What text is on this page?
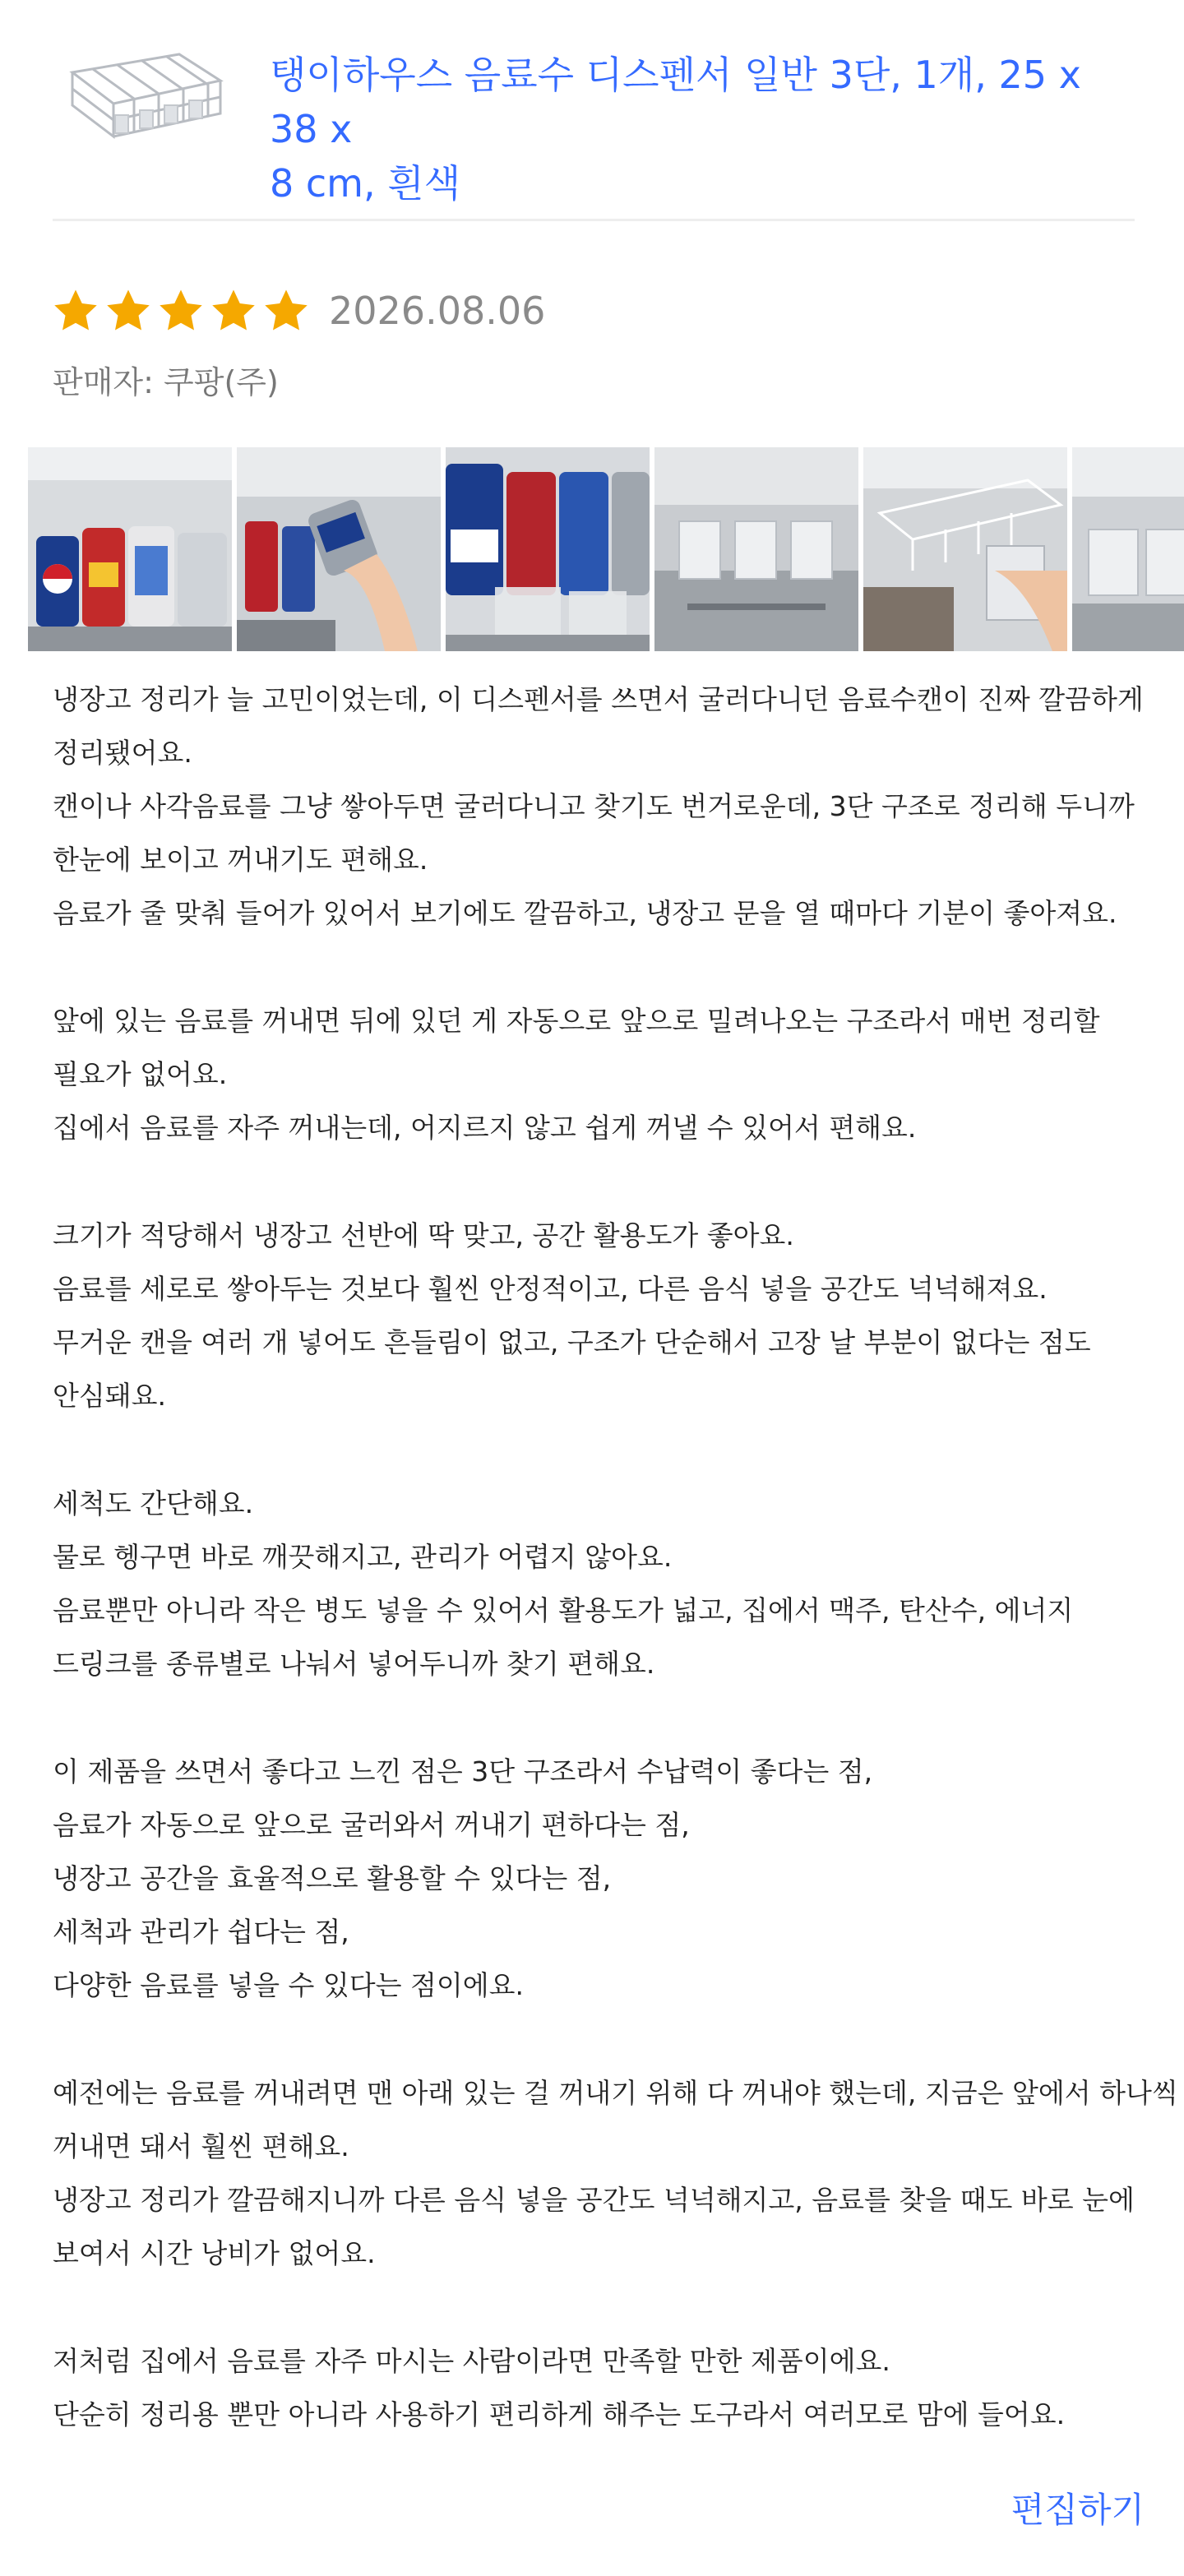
탱이하우스 음료수 디스펜서 일반 3단, 1개, 25 x 38 x
8 cm, 흰색
2026.08.06
판매자: 쿠팡(주)
냉장고 정리가 늘 고민이었는데, 이 디스펜서를 쓰면서 굴러다니던 음료수캔이 진짜 깔끔하게
정리됐어요.
캔이나 사각음료를 그냥 쌓아두면 굴러다니고 찾기도 번거로운데, 3단 구조로 정리해 두니까
한눈에 보이고 꺼내기도 편해요.
음료가 줄 맞춰 들어가 있어서 보기에도 깔끔하고, 냉장고 문을 열 때마다 기분이 좋아져요.
앞에 있는 음료를 꺼내면 뒤에 있던 게 자동으로 앞으로 밀려나오는 구조라서 매번 정리할
필요가 없어요.
집에서 음료를 자주 꺼내는데, 어지르지 않고 쉽게 꺼낼 수 있어서 편해요.
크기가 적당해서 냉장고 선반에 딱 맞고, 공간 활용도가 좋아요.
음료를 세로로 쌓아두는 것보다 훨씬 안정적이고, 다른 음식 넣을 공간도 넉넉해져요.
무거운 캔을 여러 개 넣어도 흔들림이 없고, 구조가 단순해서 고장 날 부분이 없다는 점도
안심돼요.
세척도 간단해요.
물로 헹구면 바로 깨끗해지고, 관리가 어렵지 않아요.
음료뿐만 아니라 작은 병도 넣을 수 있어서 활용도가 넓고, 집에서 맥주, 탄산수, 에너지
드링크를 종류별로 나눠서 넣어두니까 찾기 편해요.
이 제품을 쓰면서 좋다고 느낀 점은 3단 구조라서 수납력이 좋다는 점,
음료가 자동으로 앞으로 굴러와서 꺼내기 편하다는 점,
냉장고 공간을 효율적으로 활용할 수 있다는 점,
세척과 관리가 쉽다는 점,
다양한 음료를 넣을 수 있다는 점이에요.
예전에는 음료를 꺼내려면 맨 아래 있는 걸 꺼내기 위해 다 꺼내야 했는데, 지금은 앞에서 하나씩
꺼내면 돼서 훨씬 편해요.
냉장고 정리가 깔끔해지니까 다른 음식 넣을 공간도 넉넉해지고, 음료를 찾을 때도 바로 눈에
보여서 시간 낭비가 없어요.
저처럼 집에서 음료를 자주 마시는 사람이라면 만족할 만한 제품이에요.
단순히 정리용 뿐만 아니라 사용하기 편리하게 해주는 도구라서 여러모로 맘에 들어요.
편집하기
